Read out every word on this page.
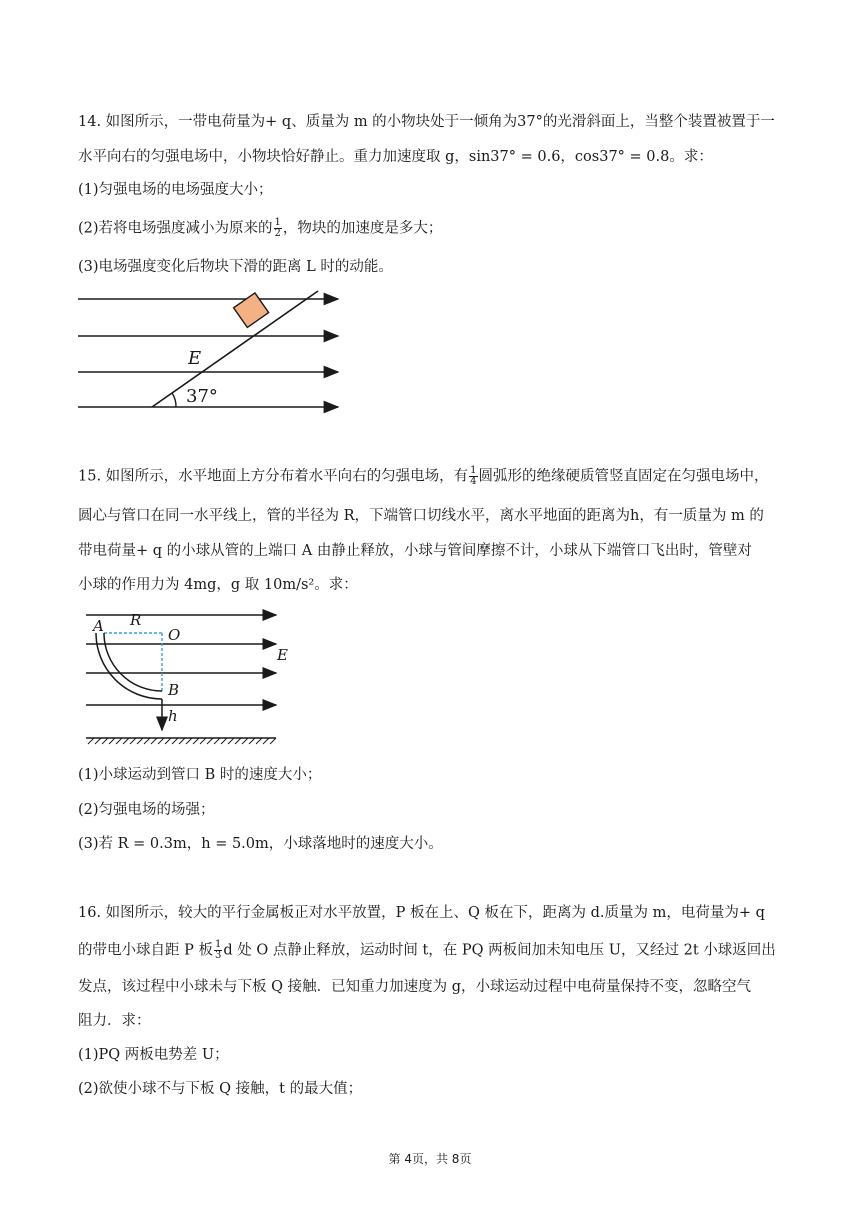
14. 如图所示，一带电荷量为+ q、质量为 m 的小物块处于一倾角为37°的光滑斜面上，当整个装置被置于一
水平向右的匀强电场中，小物块恰好静止。重力加速度取 g，sin37° = 0.6，cos37° = 0.8。求：
(1)匀强电场的电场强度大小；
(2)若将电场强度减小为原来的 $\frac{1}{2}$ ，物块的加速度是多大；
(3)电场强度变化后物块下滑的距离 L 时的动能。
E
37°
15. 如图所示，水平地面上方分布着水平向右的匀强电场，有 $\frac{1}{4}$ 圆弧形的绝缘硬质管竖直固定在匀强电场中，
圆心与管口在同一水平线上，管的半径为 R，下端管口切线水平，离水平地面的距离为h，有一质量为 m 的
带电荷量+ q 的小球从管的上端口 A 由静止释放，小球与管间摩擦不计，小球从下端管口飞出时，管壁对
小球的作用力为 4mg，g 取 10m/s²。求：
A R
O
E
B
h
(1)小球运动到管口 B 时的速度大小；
(2)匀强电场的场强；
(3)若 R = 0.3m，h = 5.0m，小球落地时的速度大小。
16. 如图所示，较大的平行金属板正对水平放置，P 板在上、Q 板在下，距离为 d.质量为 m，电荷量为+ q
的带电小球自距 P 板 $\frac{1}{3}$ d 处 O 点静止释放，运动时间 t，在 PQ 两板间加未知电压 U，又经过 2t 小球返回出
发点，该过程中小球未与下板 Q 接触．已知重力加速度为 g，小球运动过程中电荷量保持不变，忽略空气
阻力．求：
(1)PQ 两板电势差 U；
(2)欲使小球不与下板 Q 接触，t 的最大值；
第 4页，共 8页
